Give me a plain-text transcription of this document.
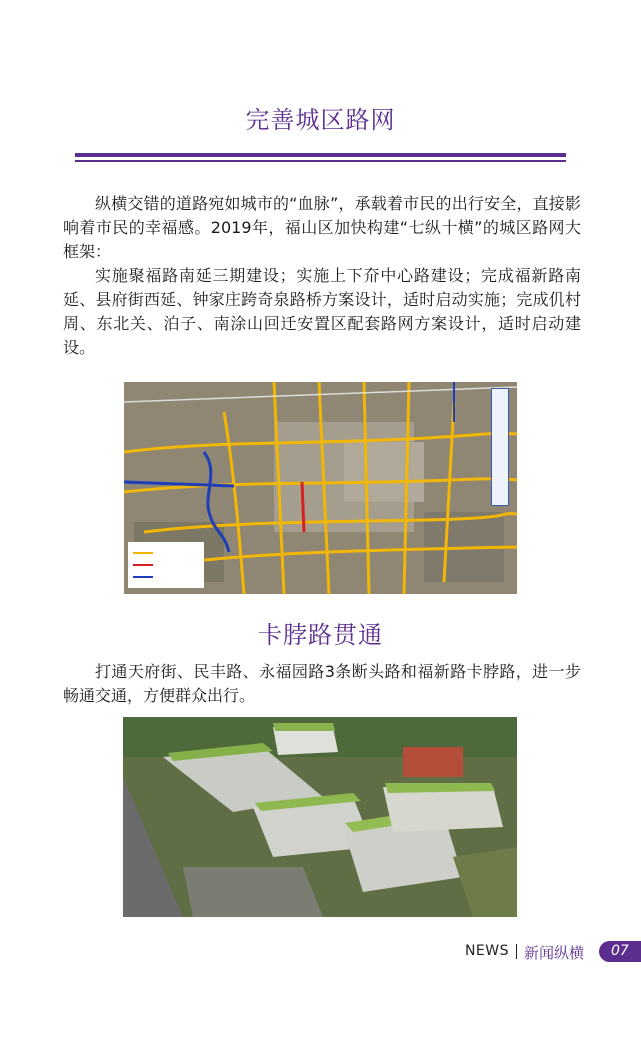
完善城区路网

纵横交错的道路宛如城市的“血脉”，承载着市民的出行安全，直接影响着市民的幸福感。2019年，福山区加快构建“七纵十横”的城区路网大框架：

实施聚福路南延三期建设；实施上下夼中心路建设；完成福新路南延、县府街西延、钟家庄跨奇泉路桥方案设计，适时启动实施；完成仉村周、东北关、泊子、南涂山回迁安置区配套路网方案设计，适时启动建设。

卡脖路贯通

打通天府街、民丰路、永福园路3条断头路和福新路卡脖路，进一步畅通交通，方便群众出行。

NEWS 新闻纵横	07
